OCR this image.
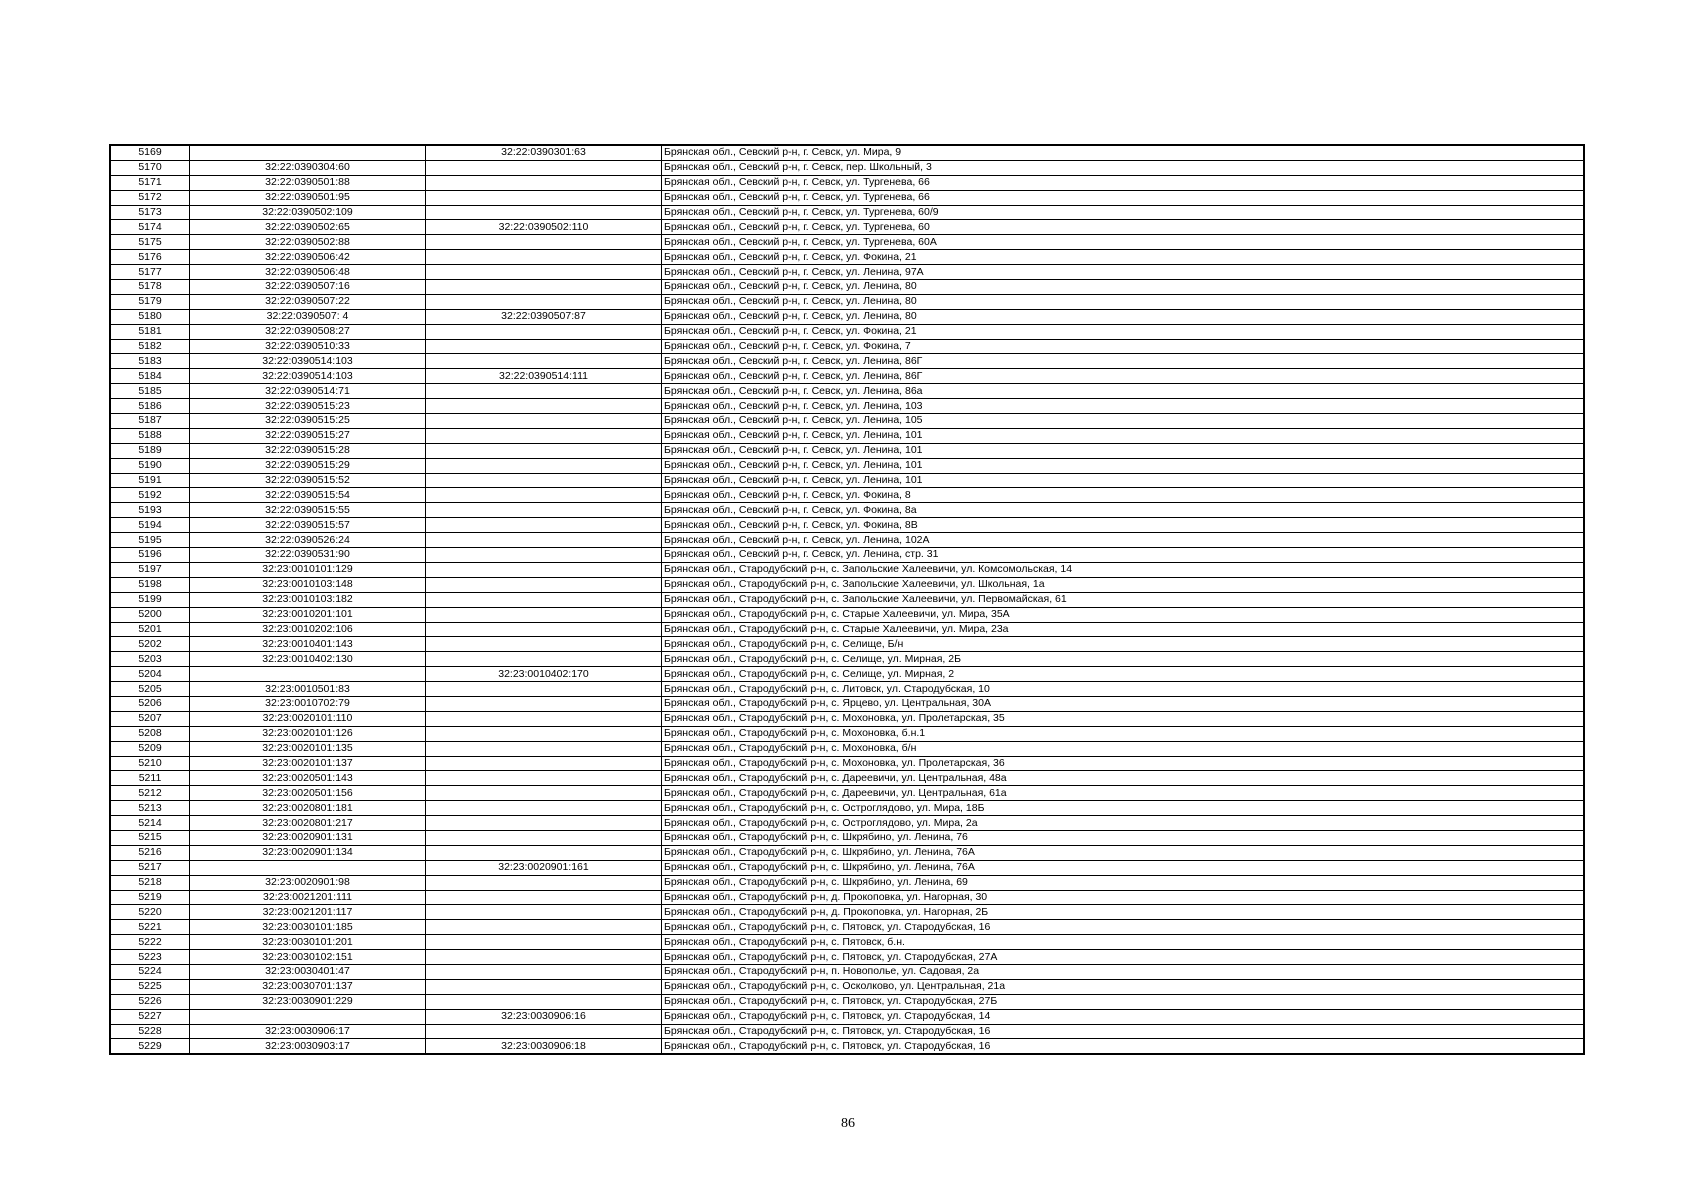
5169		32:22:0390301:63	Брянская обл., Севский р-н, г. Севск, ул. Мира, 9
5170	32:22:0390304:60		Брянская обл., Севский р-н, г. Севск, пер. Школьный, 3
5171	32:22:0390501:88		Брянская обл., Севский р-н, г. Севск, ул. Тургенева, 66
5172	32:22:0390501:95		Брянская обл., Севский р-н, г. Севск, ул. Тургенева, 66
5173	32:22:0390502:109		Брянская обл., Севский р-н, г. Севск, ул. Тургенева, 60/9
5174	32:22:0390502:65	32:22:0390502:110	Брянская обл., Севский р-н, г. Севск, ул. Тургенева, 60
5175	32:22:0390502:88		Брянская обл., Севский р-н, г. Севск, ул. Тургенева, 60А
5176	32:22:0390506:42		Брянская обл., Севский р-н, г. Севск, ул. Фокина, 21
5177	32:22:0390506:48		Брянская обл., Севский р-н, г. Севск, ул. Ленина, 97А
5178	32:22:0390507:16		Брянская обл., Севский р-н, г. Севск, ул. Ленина, 80
5179	32:22:0390507:22		Брянская обл., Севский р-н, г. Севск, ул. Ленина, 80
5180	32:22:0390507: 4	32:22:0390507:87	Брянская обл., Севский р-н, г. Севск, ул. Ленина, 80
5181	32:22:0390508:27		Брянская обл., Севский р-н, г. Севск, ул. Фокина, 21
5182	32:22:0390510:33		Брянская обл., Севский р-н, г. Севск, ул. Фокина, 7
5183	32:22:0390514:103		Брянская обл., Севский р-н, г. Севск, ул. Ленина, 86Г
5184	32:22:0390514:103	32:22:0390514:111	Брянская обл., Севский р-н, г. Севск, ул. Ленина, 86Г
5185	32:22:0390514:71		Брянская обл., Севский р-н, г. Севск, ул. Ленина, 86а
5186	32:22:0390515:23		Брянская обл., Севский р-н, г. Севск, ул. Ленина, 103
5187	32:22:0390515:25		Брянская обл., Севский р-н, г. Севск, ул. Ленина, 105
5188	32:22:0390515:27		Брянская обл., Севский р-н, г. Севск, ул. Ленина, 101
5189	32:22:0390515:28		Брянская обл., Севский р-н, г. Севск, ул. Ленина, 101
5190	32:22:0390515:29		Брянская обл., Севский р-н, г. Севск, ул. Ленина, 101
5191	32:22:0390515:52		Брянская обл., Севский р-н, г. Севск, ул. Ленина, 101
5192	32:22:0390515:54		Брянская обл., Севский р-н, г. Севск, ул. Фокина, 8
5193	32:22:0390515:55		Брянская обл., Севский р-н, г. Севск, ул. Фокина, 8а
5194	32:22:0390515:57		Брянская обл., Севский р-н, г. Севск, ул. Фокина, 8В
5195	32:22:0390526:24		Брянская обл., Севский р-н, г. Севск, ул. Ленина, 102А
5196	32:22:0390531:90		Брянская обл., Севский р-н, г. Севск, ул. Ленина, стр. 31
5197	32:23:0010101:129		Брянская обл., Стародубский р-н, с. Запольские Халеевичи, ул. Комсомольская, 14
5198	32:23:0010103:148		Брянская обл., Стародубский р-н, с. Запольские Халеевичи, ул. Школьная, 1а
5199	32:23:0010103:182		Брянская обл., Стародубский р-н, с. Запольские Халеевичи, ул. Первомайская, 61
5200	32:23:0010201:101		Брянская обл., Стародубский р-н, с. Старые Халеевичи, ул. Мира, 35А
5201	32:23:0010202:106		Брянская обл., Стародубский р-н, с. Старые Халеевичи, ул. Мира, 23а
5202	32:23:0010401:143		Брянская обл., Стародубский р-н, с. Селище, Б/н
5203	32:23:0010402:130		Брянская обл., Стародубский р-н, с. Селище, ул. Мирная, 2Б
5204		32:23:0010402:170	Брянская обл., Стародубский р-н, с. Селище, ул. Мирная, 2
5205	32:23:0010501:83		Брянская обл., Стародубский р-н, с. Литовск, ул. Стародубская, 10
5206	32:23:0010702:79		Брянская обл., Стародубский р-н, с. Ярцево, ул. Центральная, 30А
5207	32:23:0020101:110		Брянская обл., Стародубский р-н, с. Мохоновка, ул. Пролетарская, 35
5208	32:23:0020101:126		Брянская обл., Стародубский р-н, с. Мохоновка, б.н.1
5209	32:23:0020101:135		Брянская обл., Стародубский р-н, с. Мохоновка, б/н
5210	32:23:0020101:137		Брянская обл., Стародубский р-н, с. Мохоновка, ул. Пролетарская, 36
5211	32:23:0020501:143		Брянская обл., Стародубский р-н, с. Дареевичи, ул. Центральная, 48а
5212	32:23:0020501:156		Брянская обл., Стародубский р-н, с. Дареевичи, ул. Центральная, 61а
5213	32:23:0020801:181		Брянская обл., Стародубский р-н, с. Остроглядово, ул. Мира, 18Б
5214	32:23:0020801:217		Брянская обл., Стародубский р-н, с. Остроглядово, ул. Мира, 2а
5215	32:23:0020901:131		Брянская обл., Стародубский р-н, с. Шкрябино, ул. Ленина, 76
5216	32:23:0020901:134		Брянская обл., Стародубский р-н, с. Шкрябино, ул. Ленина, 76А
5217		32:23:0020901:161	Брянская обл., Стародубский р-н, с. Шкрябино, ул. Ленина, 76А
5218	32:23:0020901:98		Брянская обл., Стародубский р-н, с. Шкрябино, ул. Ленина, 69
5219	32:23:0021201:111		Брянская обл., Стародубский р-н, д. Прокоповка, ул. Нагорная, 30
5220	32:23:0021201:117		Брянская обл., Стародубский р-н, д. Прокоповка, ул. Нагорная, 2Б
5221	32:23:0030101:185		Брянская обл., Стародубский р-н, с. Пятовск, ул. Стародубская, 16
5222	32:23:0030101:201		Брянская обл., Стародубский р-н, с. Пятовск, б.н.
5223	32:23:0030102:151		Брянская обл., Стародубский р-н, с. Пятовск, ул. Стародубская, 27А
5224	32:23:0030401:47		Брянская обл., Стародубский р-н, п. Новополье, ул. Садовая, 2а
5225	32:23:0030701:137		Брянская обл., Стародубский р-н, с. Осколково, ул. Центральная, 21а
5226	32:23:0030901:229		Брянская обл., Стародубский р-н, с. Пятовск, ул. Стародубская, 27Б
5227		32:23:0030906:16	Брянская обл., Стародубский р-н, с. Пятовск, ул. Стародубская, 14
5228	32:23:0030906:17		Брянская обл., Стародубский р-н, с. Пятовск, ул. Стародубская, 16
5229	32:23:0030903:17	32:23:0030906:18	Брянская обл., Стародубский р-н, с. Пятовск, ул. Стародубская, 16
86
